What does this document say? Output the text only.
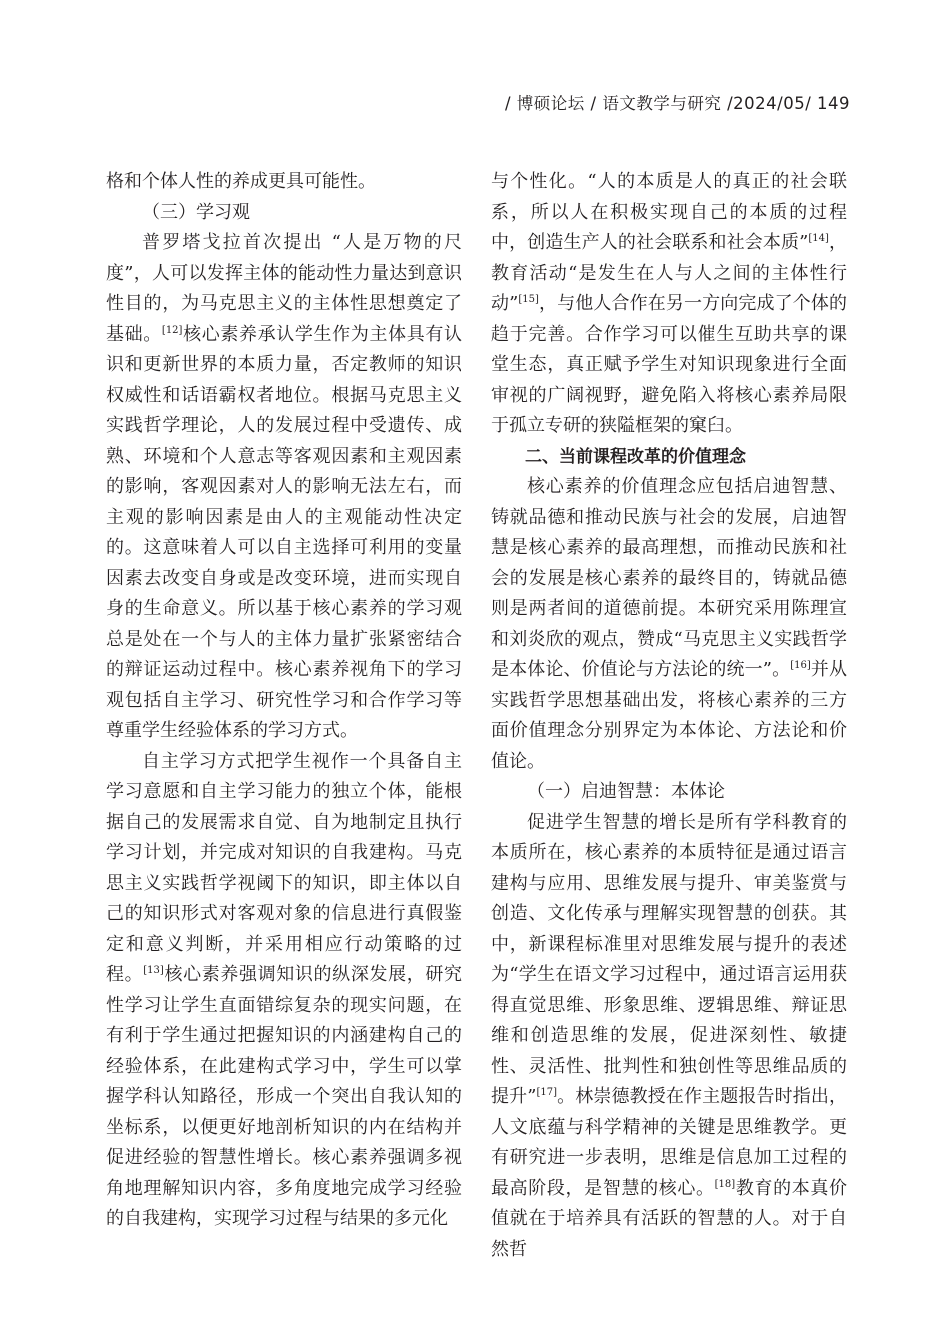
/ 博硕论坛 / 语文教学与研究 /2024/05/ 149

格和个体人性的养成更具可能性。

（三）学习观

普罗塔戈拉首次提出 “人是万物的尺度”，人可以发挥主体的能动性力量达到意识性目的，为马克思主义的主体性思想奠定了基础。[12]核心素养承认学生作为主体具有认识和更新世界的本质力量，否定教师的知识权威性和话语霸权者地位。根据马克思主义实践哲学理论，人的发展过程中受遗传、成熟、环境和个人意志等客观因素和主观因素的影响，客观因素对人的影响无法左右，而主观的影响因素是由人的主观能动性决定的。这意味着人可以自主选择可利用的变量因素去改变自身或是改变环境，进而实现自身的生命意义。所以基于核心素养的学习观总是处在一个与人的主体力量扩张紧密结合的辩证运动过程中。核心素养视角下的学习观包括自主学习、研究性学习和合作学习等尊重学生经验体系的学习方式。

自主学习方式把学生视作一个具备自主学习意愿和自主学习能力的独立个体，能根据自己的发展需求自觉、自为地制定且执行学习计划，并完成对知识的自我建构。马克思主义实践哲学视阈下的知识，即主体以自己的知识形式对客观对象的信息进行真假鉴定和意义判断，并采用相应行动策略的过程。[13]核心素养强调知识的纵深发展，研究性学习让学生直面错综复杂的现实问题，在有利于学生通过把握知识的内涵建构自己的经验体系，在此建构式学习中，学生可以掌握学科认知路径，形成一个突出自我认知的坐标系，以便更好地剖析知识的内在结构并促进经验的智慧性增长。核心素养强调多视角地理解知识内容，多角度地完成学习经验的自我建构，实现学习过程与结果的多元化

与个性化。“人的本质是人的真正的社会联系，所以人在积极实现自己的本质的过程中，创造生产人的社会联系和社会本质”[14]，教育活动“是发生在人与人之间的主体性行动”[15]，与他人合作在另一方向完成了个体的趋于完善。合作学习可以催生互助共享的课堂生态，真正赋予学生对知识现象进行全面审视的广阔视野，避免陷入将核心素养局限于孤立专研的狭隘框架的窠臼。

二、当前课程改革的价值理念

核心素养的价值理念应包括启迪智慧、铸就品德和推动民族与社会的发展，启迪智慧是核心素养的最高理想，而推动民族和社会的发展是核心素养的最终目的，铸就品德则是两者间的道德前提。本研究采用陈理宣和刘炎欣的观点，赞成“马克思主义实践哲学是本体论、价值论与方法论的统一”。[16]并从实践哲学思想基础出发，将核心素养的三方面价值理念分别界定为本体论、方法论和价值论。

（一）启迪智慧：本体论

促进学生智慧的增长是所有学科教育的本质所在，核心素养的本质特征是通过语言建构与应用、思维发展与提升、审美鉴赏与创造、文化传承与理解实现智慧的创获。其中，新课程标准里对思维发展与提升的表述为“学生在语文学习过程中，通过语言运用获得直觉思维、形象思维、逻辑思维、辩证思维和创造思维的发展，促进深刻性、敏捷性、灵活性、批判性和独创性等思维品质的提升”[17]。林崇德教授在作主题报告时指出，人文底蕴与科学精神的关键是思维教学。更有研究进一步表明，思维是信息加工过程的最高阶段，是智慧的核心。[18]教育的本真价值就在于培养具有活跃的智慧的人。对于自然哲
